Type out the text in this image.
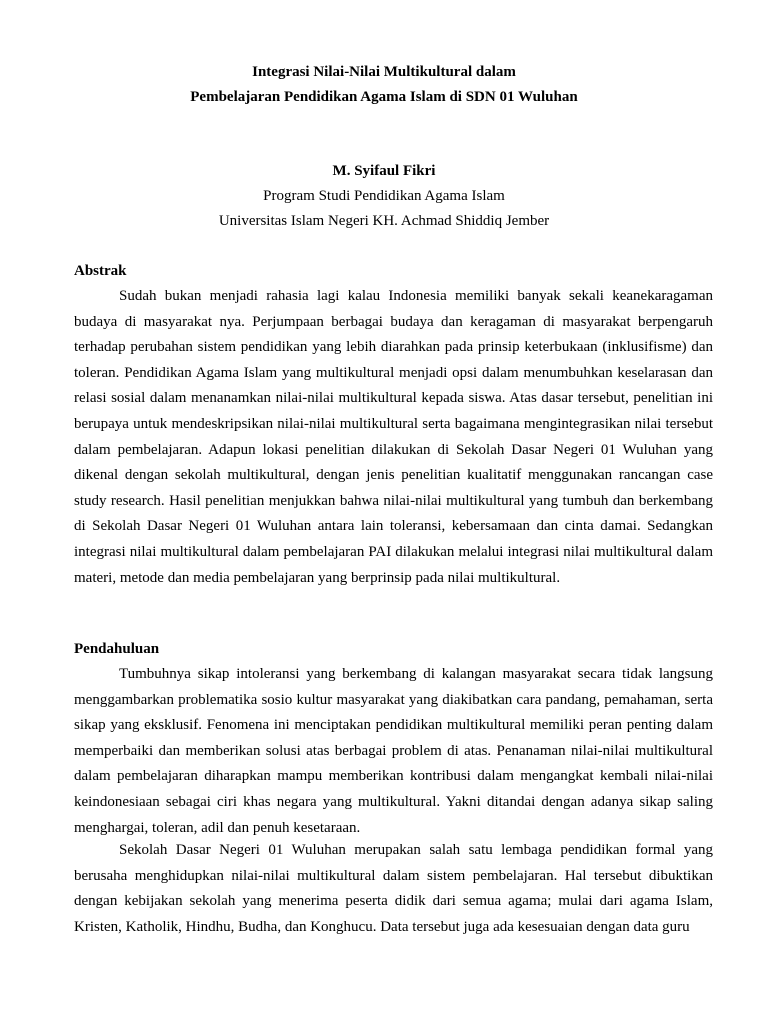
Integrasi Nilai-Nilai Multikultural dalam
Pembelajaran Pendidikan Agama Islam di SDN 01 Wuluhan
M. Syifaul Fikri
Program Studi Pendidikan Agama Islam
Universitas Islam Negeri KH. Achmad Shiddiq Jember
Abstrak

Sudah bukan menjadi rahasia lagi kalau Indonesia memiliki banyak sekali keanekaragaman budaya di masyarakat nya. Perjumpaan berbagai budaya dan keragaman di masyarakat berpengaruh terhadap perubahan sistem pendidikan yang lebih diarahkan pada prinsip keterbukaan (inklusifisme) dan toleran. Pendidikan Agama Islam yang multikultural menjadi opsi dalam menumbuhkan keselarasan dan relasi sosial dalam menanamkan nilai-nilai multikultural kepada siswa. Atas dasar tersebut, penelitian ini berupaya untuk mendeskripsikan nilai-nilai multikultural serta bagaimana mengintegrasikan nilai tersebut dalam pembelajaran. Adapun lokasi penelitian dilakukan di Sekolah Dasar Negeri 01 Wuluhan yang dikenal dengan sekolah multikultural, dengan jenis penelitian kualitatif menggunakan rancangan case study research. Hasil penelitian menjukkan bahwa nilai-nilai multikultural yang tumbuh dan berkembang di Sekolah Dasar Negeri 01 Wuluhan antara lain toleransi, kebersamaan dan cinta damai. Sedangkan integrasi nilai multikultural dalam pembelajaran PAI dilakukan melalui integrasi nilai multikultural dalam materi, metode dan media pembelajaran yang berprinsip pada nilai multikultural.

Pendahuluan

Tumbuhnya sikap intoleransi yang berkembang di kalangan masyarakat secara tidak langsung menggambarkan problematika sosio kultur masyarakat yang diakibatkan cara pandang, pemahaman, serta sikap yang eksklusif. Fenomena ini menciptakan pendidikan multikultural memiliki peran penting dalam memperbaiki dan memberikan solusi atas berbagai problem di atas. Penanaman nilai-nilai multikultural dalam pembelajaran diharapkan mampu memberikan kontribusi dalam mengangkat kembali nilai-nilai keindonesiaan sebagai ciri khas negara yang multikultural. Yakni ditandai dengan adanya sikap saling menghargai, toleran, adil dan penuh kesetaraan.

Sekolah Dasar Negeri 01 Wuluhan merupakan salah satu lembaga pendidikan formal yang berusaha menghidupkan nilai-nilai multikultural dalam sistem pembelajaran. Hal tersebut dibuktikan dengan kebijakan sekolah yang menerima peserta didik dari semua agama; mulai dari agama Islam, Kristen, Katholik, Hindhu, Budha, dan Konghucu. Data tersebut juga ada kesesuaian dengan data guru
